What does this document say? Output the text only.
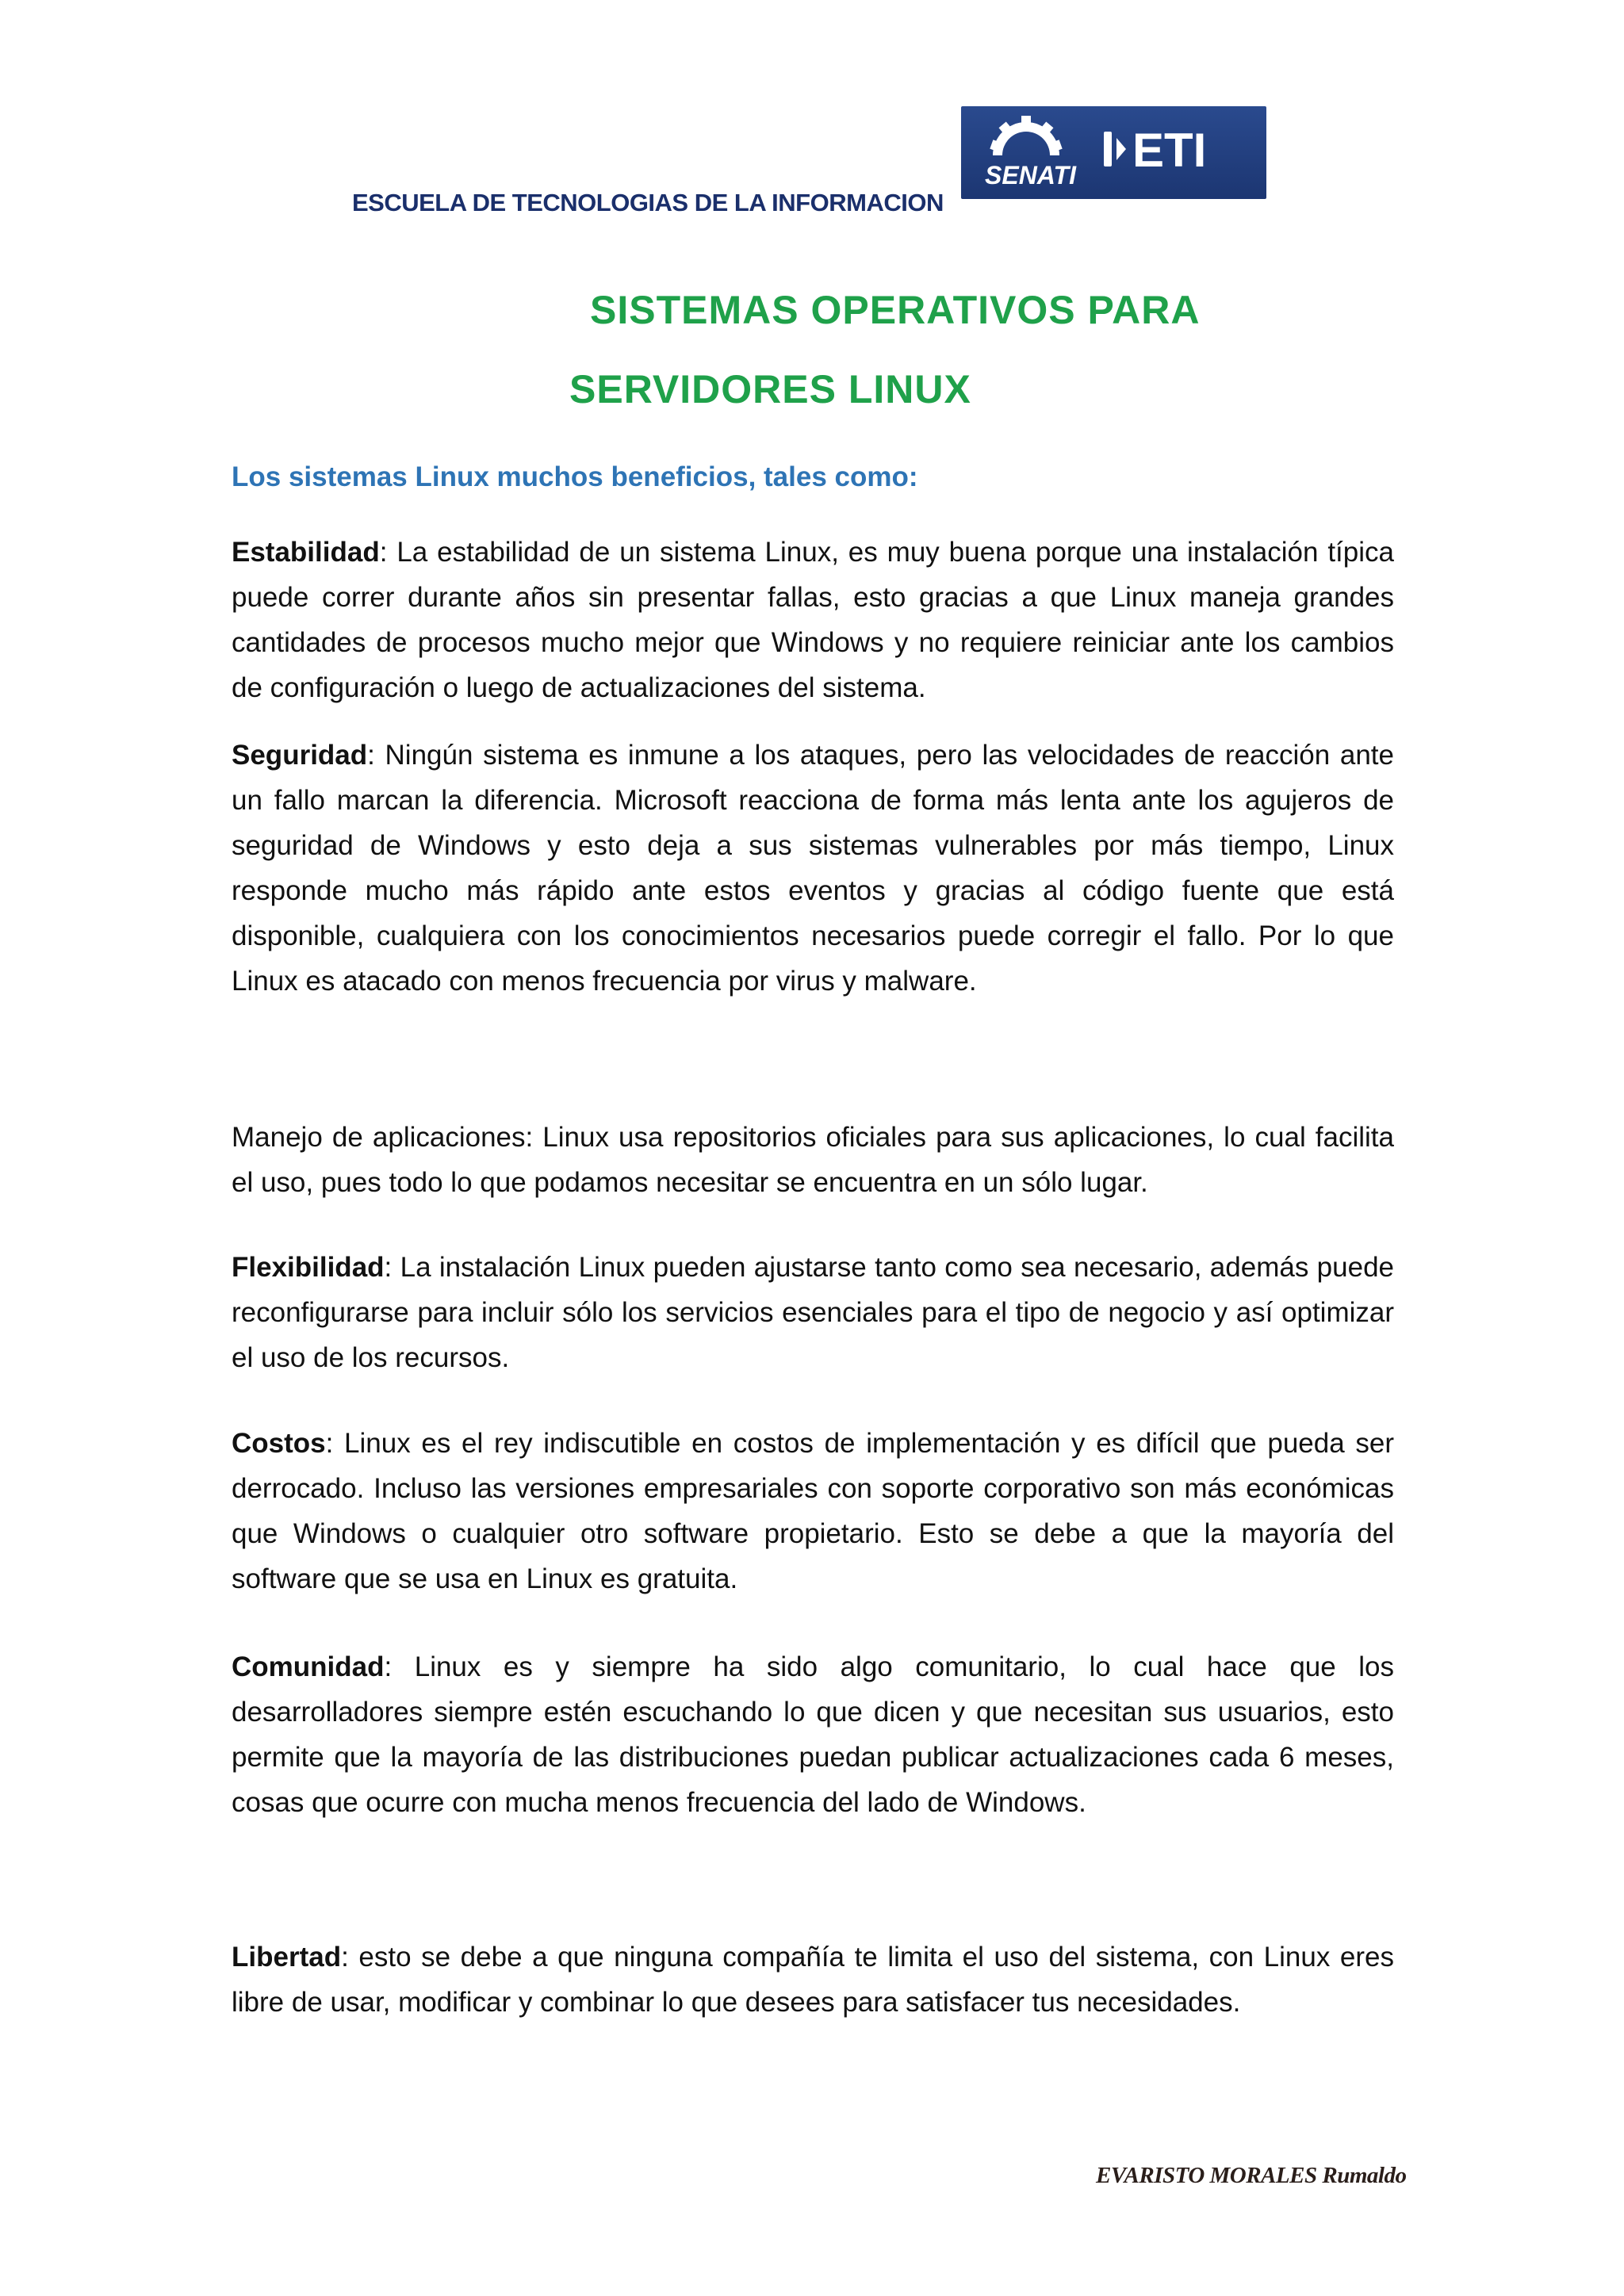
ESCUELA DE TECNOLOGIAS DE LA INFORMACION
SENATI ETI
SISTEMAS OPERATIVOS PARA
SERVIDORES LINUX
Los sistemas Linux muchos beneficios, tales como:
Estabilidad: La estabilidad de un sistema Linux, es muy buena porque una instalación típica puede correr durante años sin presentar fallas, esto gracias a que Linux maneja grandes cantidades de procesos mucho mejor que Windows y no requiere reiniciar ante los cambios de configuración o luego de actualizaciones del sistema.
Seguridad: Ningún sistema es inmune a los ataques, pero las velocidades de reacción ante un fallo marcan la diferencia. Microsoft reacciona de forma más lenta ante los agujeros de seguridad de Windows y esto deja a sus sistemas vulnerables por más tiempo, Linux responde mucho más rápido ante estos eventos y gracias al código fuente que está disponible, cualquiera con los conocimientos necesarios puede corregir el fallo. Por lo que Linux es atacado con menos frecuencia por virus y malware.
Manejo de aplicaciones: Linux usa repositorios oficiales para sus aplicaciones, lo cual facilita el uso, pues todo lo que podamos necesitar se encuentra en un sólo lugar.
Flexibilidad: La instalación Linux pueden ajustarse tanto como sea necesario, además puede reconfigurarse para incluir sólo los servicios esenciales para el tipo de negocio y así optimizar el uso de los recursos.
Costos: Linux es el rey indiscutible en costos de implementación y es difícil que pueda ser derrocado. Incluso las versiones empresariales con soporte corporativo son más económicas que Windows o cualquier otro software propietario. Esto se debe a que la mayoría del software que se usa en Linux es gratuita.
Comunidad: Linux es y siempre ha sido algo comunitario, lo cual hace que los desarrolladores siempre estén escuchando lo que dicen y que necesitan sus usuarios, esto permite que la mayoría de las distribuciones puedan publicar actualizaciones cada 6 meses, cosas que ocurre con mucha menos frecuencia del lado de Windows.
Libertad: esto se debe a que ninguna compañía te limita el uso del sistema, con Linux eres libre de usar, modificar y combinar lo que desees para satisfacer tus necesidades.
EVARISTO MORALES Rumaldo
